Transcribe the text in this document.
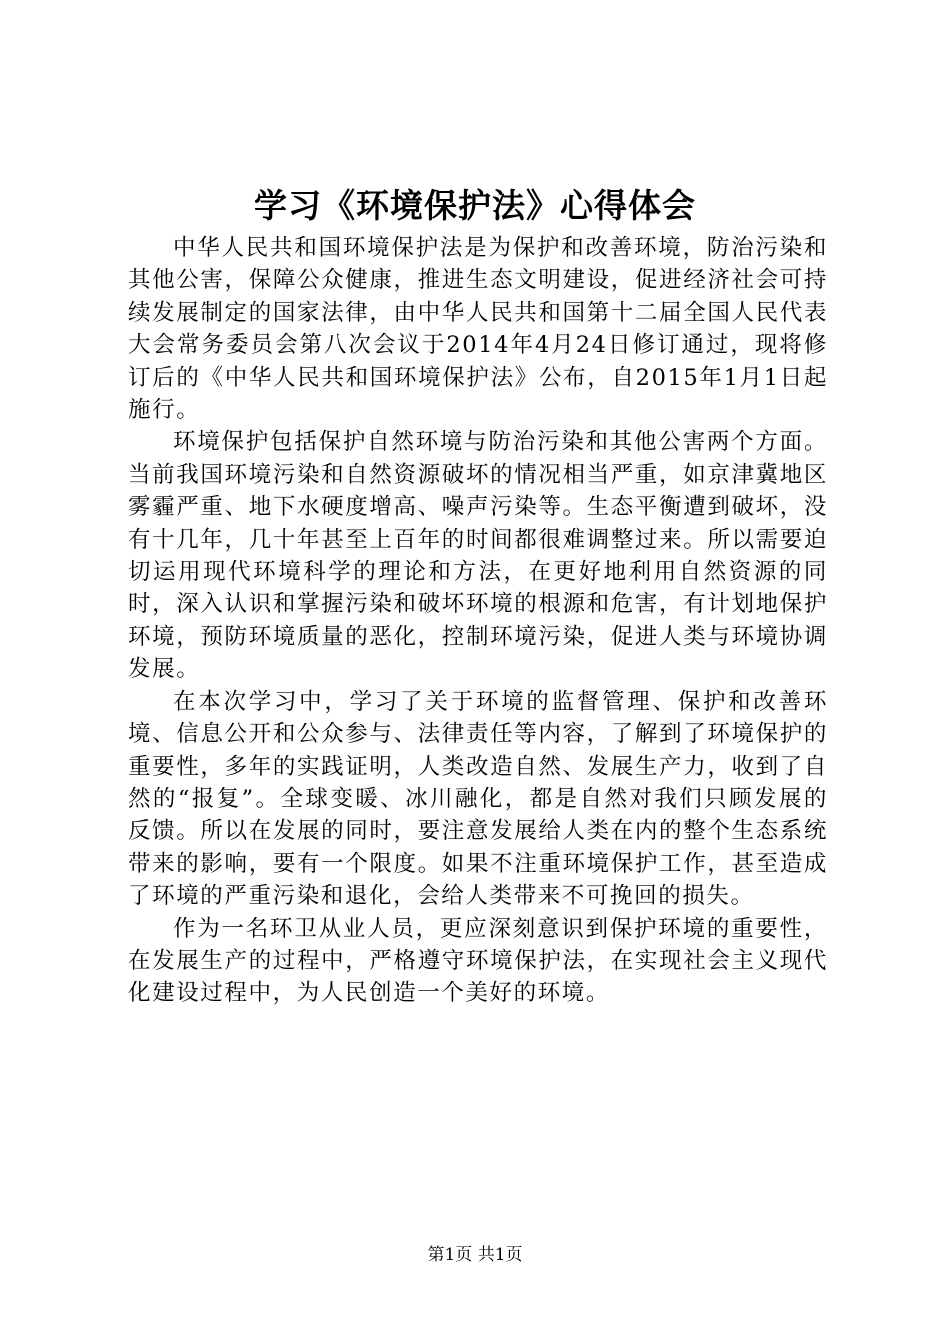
学习《环境保护法》心得体会

中华人民共和国环境保护法是为保护和改善环境，防治污染和其他公害，保障公众健康，推进生态文明建设，促进经济社会可持续发展制定的国家法律，由中华人民共和国第十二届全国人民代表大会常务委员会第八次会议于2014年4月24日修订通过，现将修订后的《中华人民共和国环境保护法》公布，自2015年1月1日起施行。

环境保护包括保护自然环境与防治污染和其他公害两个方面。当前我国环境污染和自然资源破坏的情况相当严重，如京津冀地区雾霾严重、地下水硬度增高、噪声污染等。生态平衡遭到破坏，没有十几年，几十年甚至上百年的时间都很难调整过来。所以需要迫切运用现代环境科学的理论和方法，在更好地利用自然资源的同时，深入认识和掌握污染和破坏环境的根源和危害，有计划地保护环境，预防环境质量的恶化，控制环境污染，促进人类与环境协调发展。

在本次学习中，学习了关于环境的监督管理、保护和改善环境、信息公开和公众参与、法律责任等内容，了解到了环境保护的重要性，多年的实践证明，人类改造自然、发展生产力，收到了自然的“报复”。全球变暖、冰川融化，都是自然对我们只顾发展的反馈。所以在发展的同时，要注意发展给人类在内的整个生态系统带来的影响，要有一个限度。如果不注重环境保护工作，甚至造成了环境的严重污染和退化，会给人类带来不可挽回的损失。

作为一名环卫从业人员，更应深刻意识到保护环境的重要性，在发展生产的过程中，严格遵守环境保护法，在实现社会主义现代化建设过程中，为人民创造一个美好的环境。

第1页 共1页
